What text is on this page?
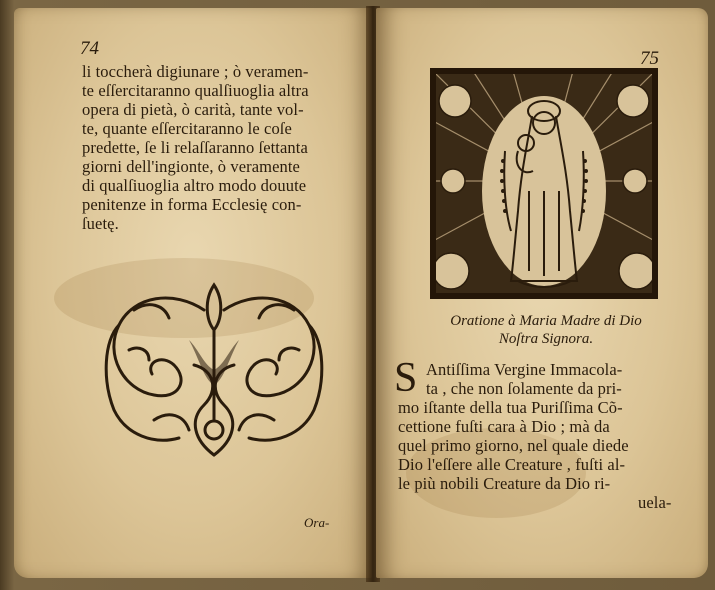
74
li toccherà digiunare ; ò veramen-
te eſſercitaranno qualſiuoglia altra
opera di pietà, ò carità, tante vol-
te, quante eſſercitaranno le coſe
predette, ſe li relaſſaranno ſettanta
giorni dell'ingionte, ò veramente
di qualſiuoglia altro modo douute
penitenze in forma Ecclesię con-
ſuetę.
Ora-
75
Oratione à Maria Madre di Dio
Noſtra Signora.
S Antiſſima Vergine Immacola-
ta , che non ſolamente da pri-
mo iſtante della tua Puriſſima Cõ-
cettione fuſti cara à Dio ; mà da
quel primo giorno, nel quale diede
Dio l'eſſere alle Creature , fuſti al-
le più nobili Creature da Dio ri-
uela-
